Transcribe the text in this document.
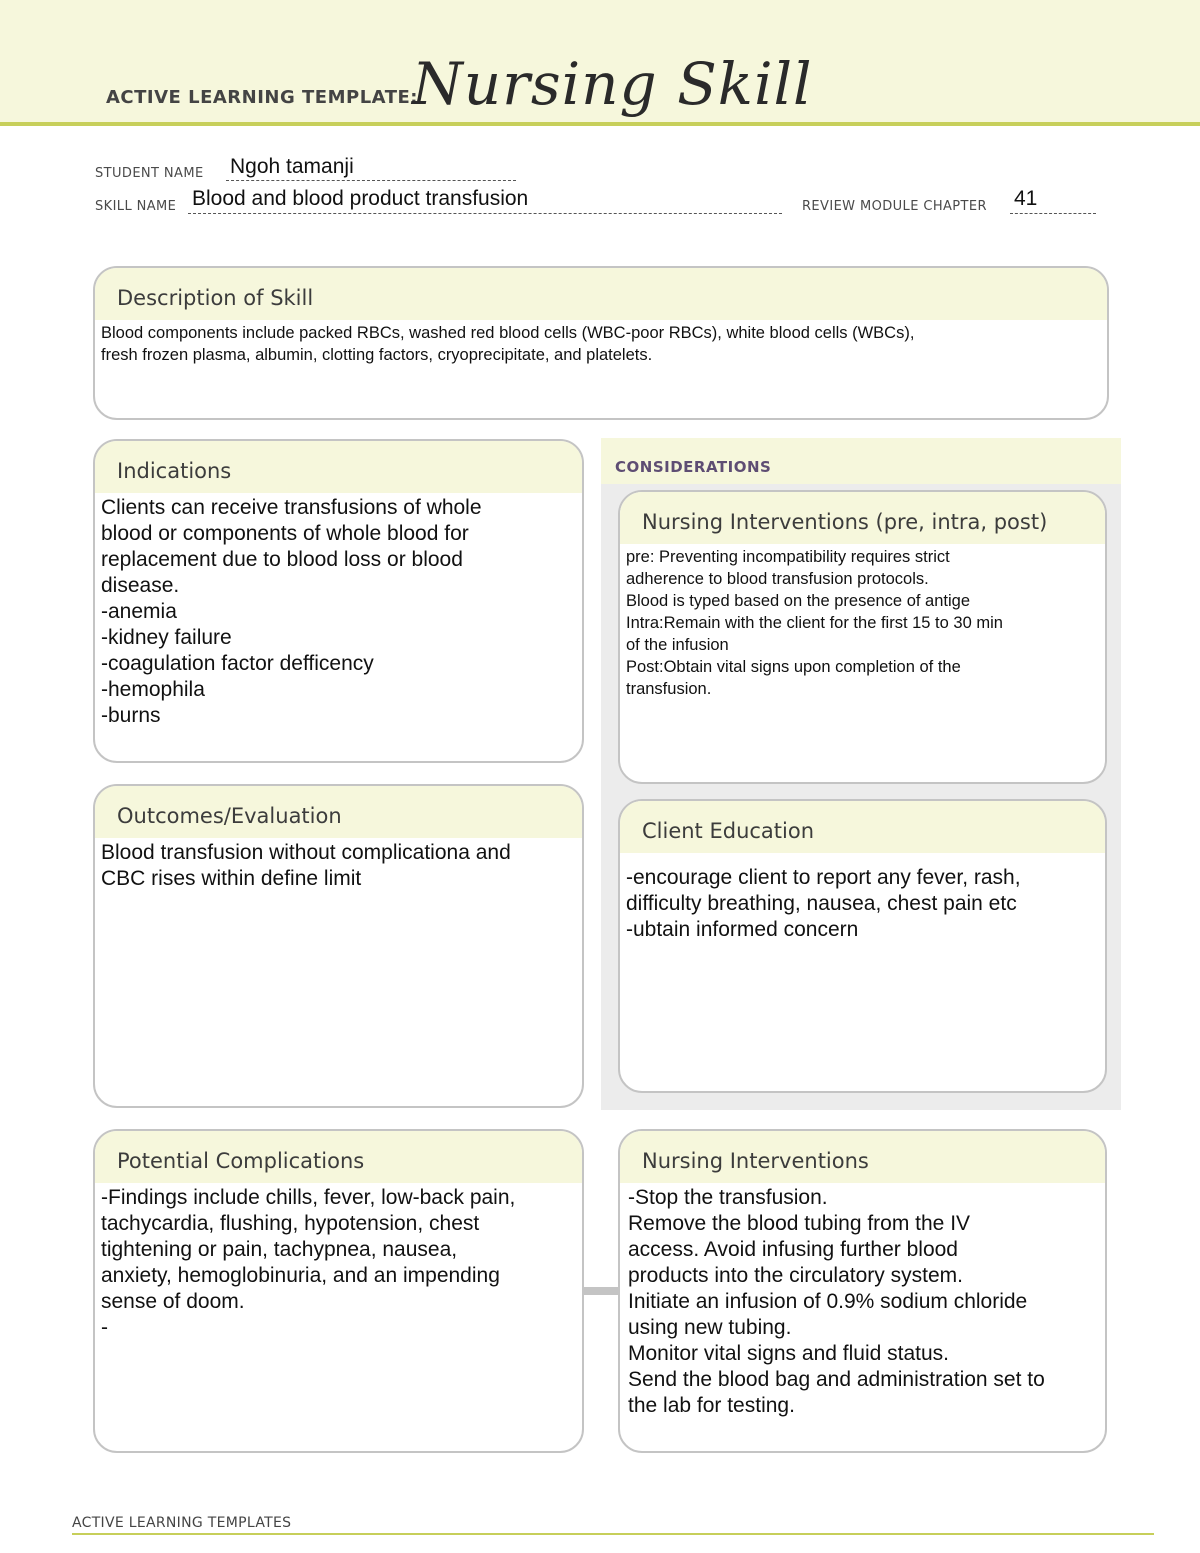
ACTIVE LEARNING TEMPLATE:
Nursing Skill
STUDENT NAME Ngoh tamanji
SKILL NAME Blood and blood product transfusion	REVIEW MODULE CHAPTER 41
Description of Skill
Blood components include packed RBCs, washed red blood cells (WBC-poor RBCs), white blood cells (WBCs),
fresh frozen plasma, albumin, clotting factors, cryoprecipitate, and platelets.
Indications
Clients can receive transfusions of whole
blood or components of whole blood for
replacement due to blood loss or blood
disease.
-anemia
-kidney failure
-coagulation factor defficency
-hemophila
-burns
CONSIDERATIONS
Nursing Interventions (pre, intra, post)
pre: Preventing incompatibility requires strict
adherence to blood transfusion protocols.
Blood is typed based on the presence of antige
Intra:Remain with the client for the first 15 to 30 min
of the infusion
Post:Obtain vital signs upon completion of the
transfusion.
Outcomes/Evaluation
Blood transfusion without complicationa and
CBC rises within define limit
Client Education
-encourage client to report any fever, rash,
difficulty breathing, nausea, chest pain etc
-ubtain informed concern
Potential Complications
-Findings include chills, fever, low-back pain,
tachycardia, flushing, hypotension, chest
tightening or pain, tachypnea, nausea,
anxiety, hemoglobinuria, and an impending
sense of doom.
-
Nursing Interventions
-Stop the transfusion.
Remove the blood tubing from the IV
access. Avoid infusing further blood
products into the circulatory system.
Initiate an infusion of 0.9% sodium chloride
using new tubing.
Monitor vital signs and fluid status.
Send the blood bag and administration set to
the lab for testing.
ACTIVE LEARNING TEMPLATES
